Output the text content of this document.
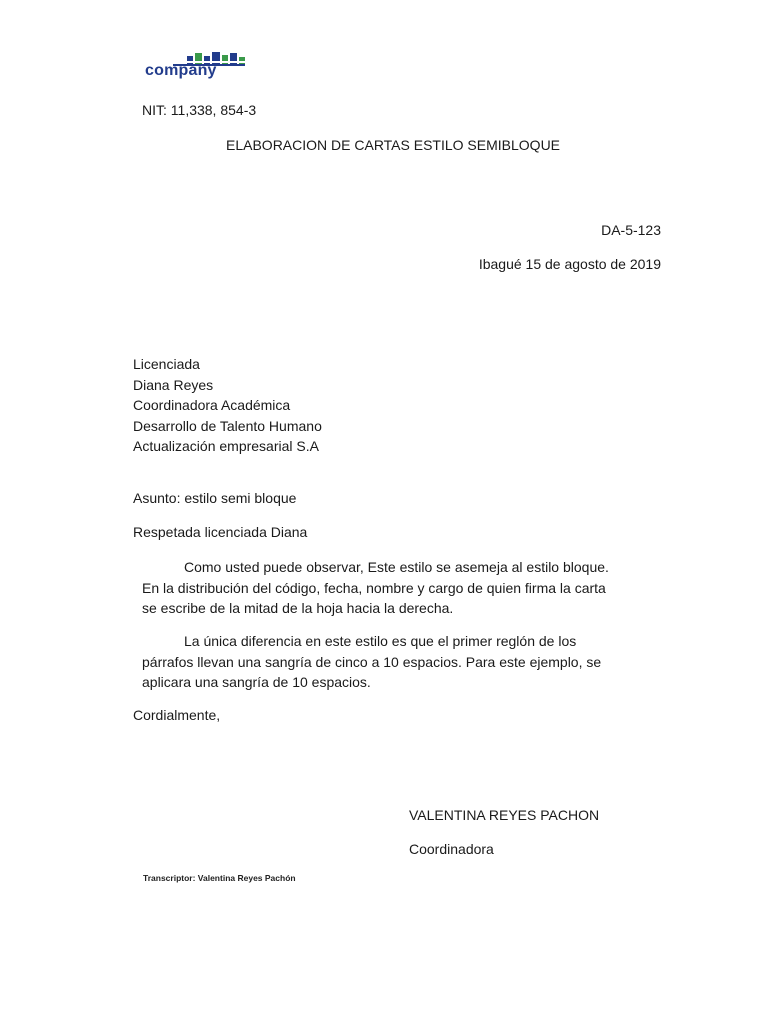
company
NIT: 11,338, 854-3
ELABORACION DE CARTAS ESTILO SEMIBLOQUE
DA-5-123
Ibagué 15 de agosto de 2019
Licenciada
Diana Reyes
Coordinadora Académica
Desarrollo de Talento Humano
Actualización empresarial S.A
Asunto: estilo semi bloque
Respetada licenciada Diana
Como usted puede observar, Este estilo se asemeja al estilo bloque.
En la distribución del código, fecha, nombre y cargo de quien firma la carta
se escribe de la mitad de la hoja hacia la derecha.
La única diferencia en este estilo es que el primer reglón de los
párrafos llevan una sangría de cinco a 10 espacios. Para este ejemplo, se
aplicara una sangría de 10 espacios.
Cordialmente,
VALENTINA REYES PACHON
Coordinadora
Transcriptor: Valentina Reyes Pachón
